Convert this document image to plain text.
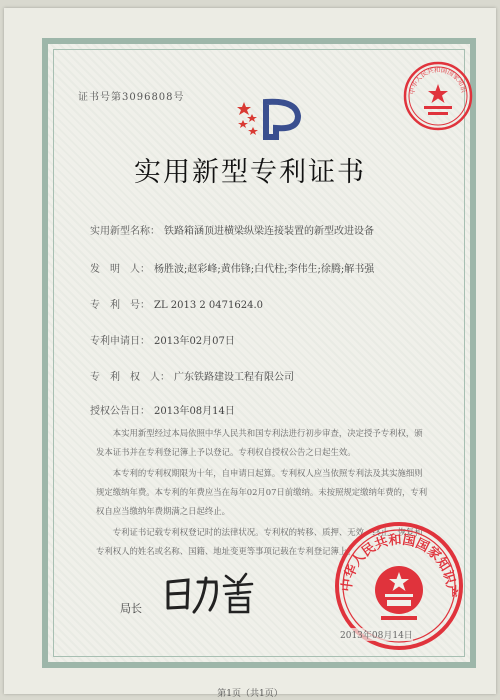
证书号第3096808号
实用新型专利证书
实用新型名称： 铁路箱涵顶进横梁纵梁连接装置的新型改进设备
发　明　人： 杨胜波;赵彩峰;黄伟锋;白代柱;李伟生;徐腾;解书强
专　利　号： ZL 2013 2 0471624.0
专利申请日： 2013年02月07日
专　利　权　人： 广东铁路建设工程有限公司
授权公告日： 2013年08月14日

本实用新型经过本局依照中华人民共和国专利法进行初步审查，决定授予专利权，颁发本证书并在专利登记簿上予以登记。专利权自授权公告之日起生效。

本专利的专利权期限为十年，自申请日起算。专利权人应当依照专利法及其实施细则规定缴纳年费。本专利的年费应当在每年02月07日前缴纳。未按照规定缴纳年费的，专利权自应当缴纳年费期满之日起终止。

专利证书记载专利权登记时的法律状况。专利权的转移、质押、无效、终止、恢复和专利权人的姓名或名称、国籍、地址变更等事项记载在专利登记簿上。

局长
中华人民共和国国家知识
中华人民共和国国家知识产
2013年08月14日
第1页（共1页）
